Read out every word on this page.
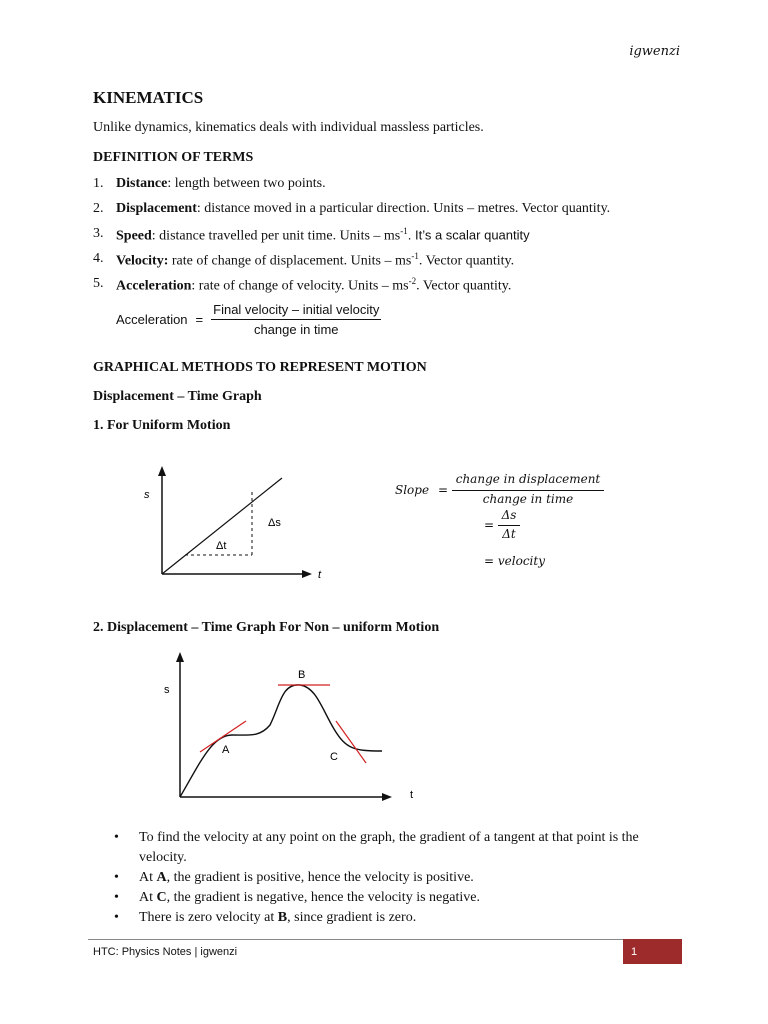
igwenzi
KINEMATICS
Unlike dynamics, kinematics deals with individual massless particles.
DEFINITION OF TERMS
1. Distance: length between two points.
2. Displacement: distance moved in a particular direction. Units – metres. Vector quantity.
3. Speed: distance travelled per unit time. Units – $ms^{-1}$. It’s a scalar quantity
4. Velocity: rate of change of displacement. Units – $ms^{-1}$. Vector quantity.
5. Acceleration: rate of change of velocity. Units – $ms^{-2}$. Vector quantity.
Acceleration = $\frac{\text{Final velocity – initial velocity}}{\text{change in time}}$
GRAPHICAL METHODS TO REPRESENT MOTION
Displacement – Time Graph
1. For Uniform Motion
s
t
Δs
Δt
Slope =
change in displacement
change in time
=
Δs
Δt
= velocity
2. Displacement – Time Graph For Non – uniform Motion
s
t
A
B
C
•	To find the velocity at any point on the graph, the gradient of a tangent at that point is the velocity.
•	At A, the gradient is positive, hence the velocity is positive.
•	At C, the gradient is negative, hence the velocity is negative.
•	There is zero velocity at B, since gradient is zero.
HTC: Physics Notes | igwenzi	1
